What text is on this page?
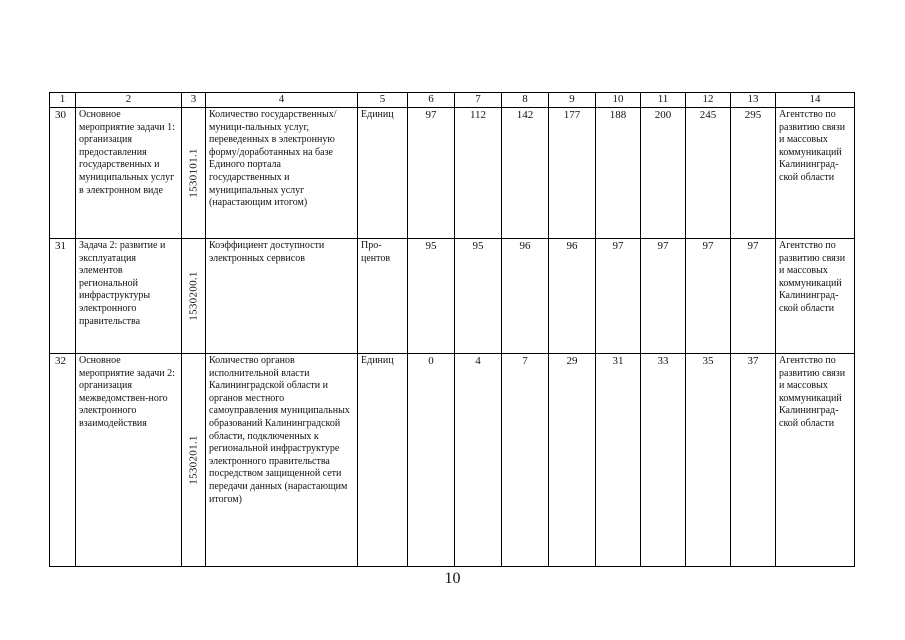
1	2	3	4	5	6	7	8	9	10	11	12	13	14
30	Основное мероприятие задачи 1: организация предоставления государственных и муниципальных услуг в электронном виде	1530101.1	Количество государственных/муници-пальных услуг, переведенных в электронную форму/доработанных на базе Единого портала государственных и муниципальных услуг (нарастающим итогом)	Единиц	97	112	142	177	188	200	245	295	Агентство по развитию связи и массовых коммуникаций Калининград-ской области
31	Задача 2: развитие и эксплуатация элементов региональной инфраструктуры электронного правительства	1530200.1	Коэффициент доступности электронных сервисов	Про-центов	95	95	96	96	97	97	97	97	Агентство по развитию связи и массовых коммуникаций Калининград-ской области
32	Основное мероприятие задачи 2: организация межведомствен-ного электронного взаимодействия	1530201.1	Количество органов исполнительной власти Калининградской области и органов местного самоуправления муниципальных образований Калининградской области, подключенных к региональной инфраструктуре электронного правительства посредством защищенной сети передачи данных (нарастающим итогом)	Единиц	0	4	7	29	31	33	35	37	Агентство по развитию связи и массовых коммуникаций Калининград-ской области
10
